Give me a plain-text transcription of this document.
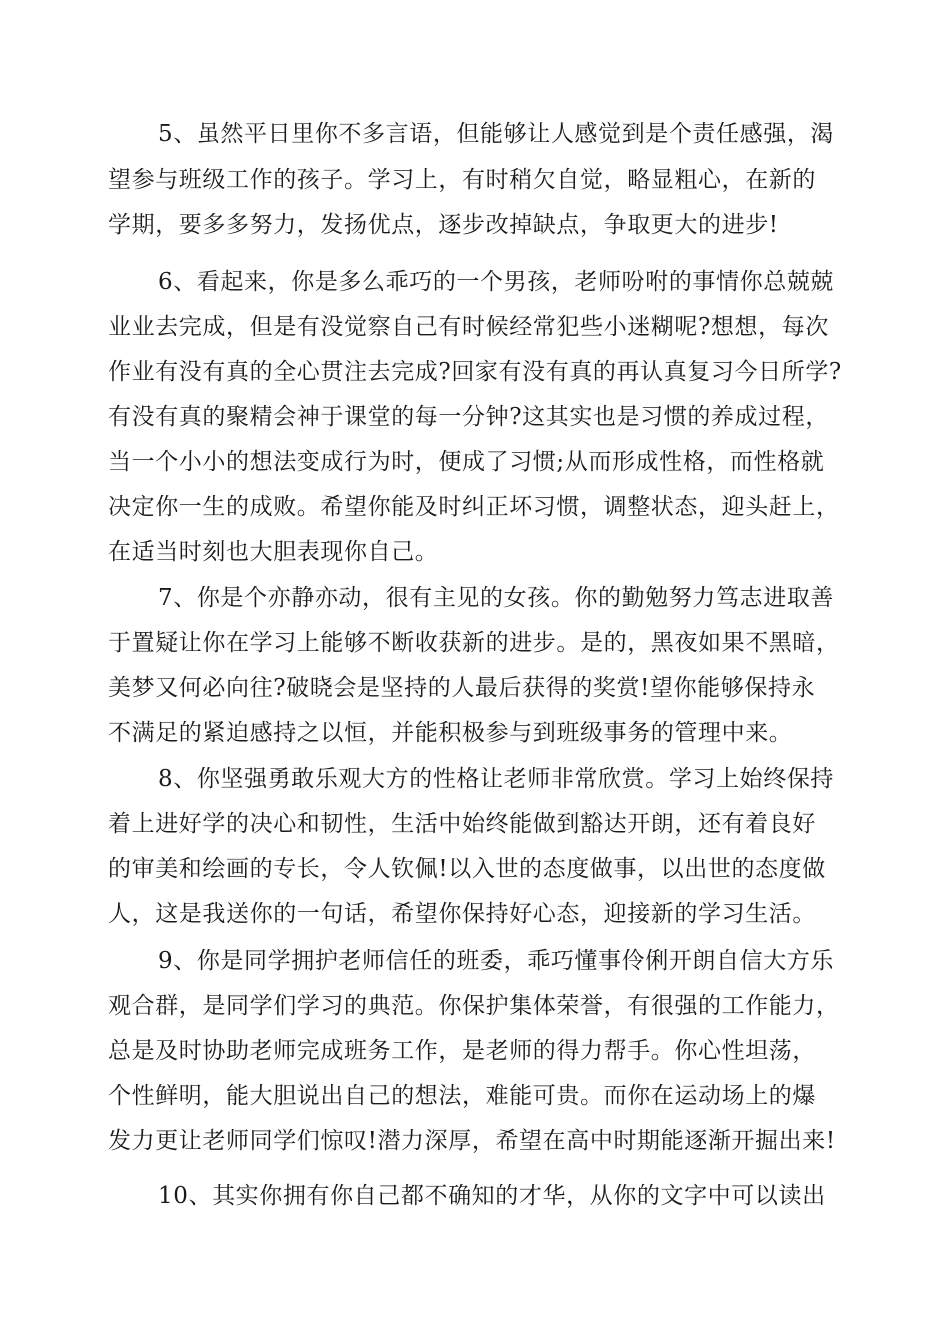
5、虽然平日里你不多言语，但能够让人感觉到是个责任感强，渴
望参与班级工作的孩子。学习上，有时稍欠自觉，略显粗心，在新的
学期，要多多努力，发扬优点，逐步改掉缺点，争取更大的进步!
6、看起来，你是多么乖巧的一个男孩，老师吩咐的事情你总兢兢
业业去完成，但是有没觉察自己有时候经常犯些小迷糊呢?想想，每次
作业有没有真的全心贯注去完成?回家有没有真的再认真复习今日所学?
有没有真的聚精会神于课堂的每一分钟?这其实也是习惯的养成过程，
当一个小小的想法变成行为时，便成了习惯;从而形成性格，而性格就
决定你一生的成败。希望你能及时纠正坏习惯，调整状态，迎头赶上，
在适当时刻也大胆表现你自己。
7、你是个亦静亦动，很有主见的女孩。你的勤勉努力笃志进取善
于置疑让你在学习上能够不断收获新的进步。是的，黑夜如果不黑暗，
美梦又何必向往?破晓会是坚持的人最后获得的奖赏!望你能够保持永
不满足的紧迫感持之以恒，并能积极参与到班级事务的管理中来。
8、你坚强勇敢乐观大方的性格让老师非常欣赏。学习上始终保持
着上进好学的决心和韧性，生活中始终能做到豁达开朗，还有着良好
的审美和绘画的专长，令人钦佩!以入世的态度做事，以出世的态度做
人，这是我送你的一句话，希望你保持好心态，迎接新的学习生活。
9、你是同学拥护老师信任的班委，乖巧懂事伶俐开朗自信大方乐
观合群，是同学们学习的典范。你保护集体荣誉，有很强的工作能力，
总是及时协助老师完成班务工作，是老师的得力帮手。你心性坦荡，
个性鲜明，能大胆说出自己的想法，难能可贵。而你在运动场上的爆
发力更让老师同学们惊叹!潜力深厚，希望在高中时期能逐渐开掘出来!
10、其实你拥有你自己都不确知的才华，从你的文字中可以读出
